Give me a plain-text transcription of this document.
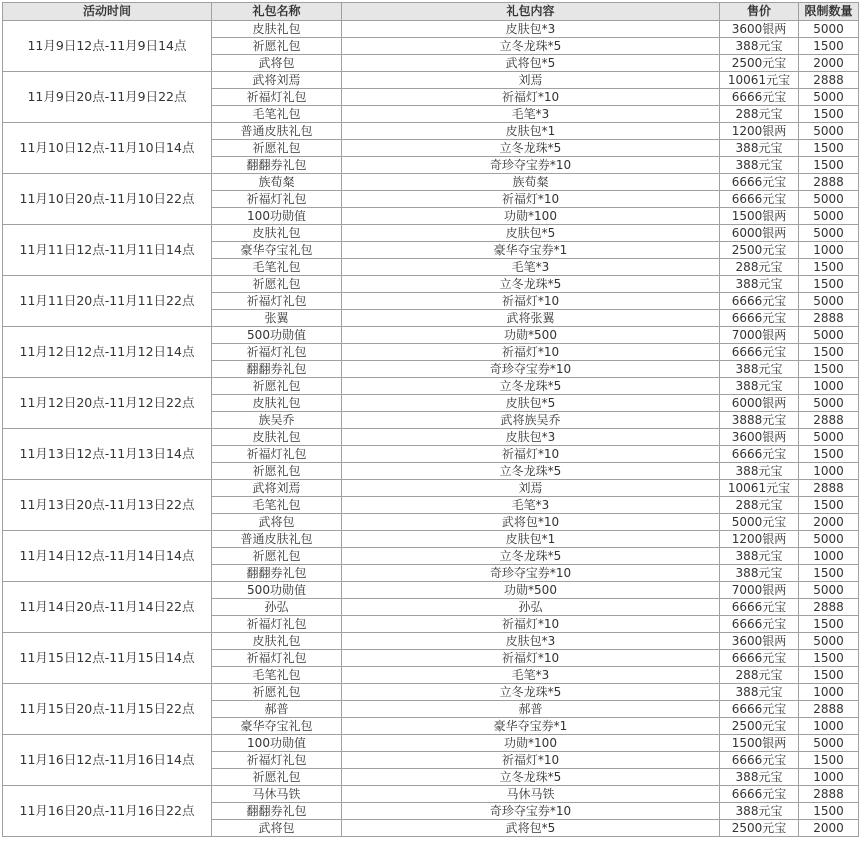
活动时间	礼包名称	礼包内容	售价	限制数量
11月9日12点-11月9日14点	皮肤礼包	皮肤包*3	3600银两	5000
	祈愿礼包	立冬龙珠*5	388元宝	1500
	武将包	武将包*5	2500元宝	2000
11月9日20点-11月9日22点	武将刘焉	刘焉	10061元宝	2888
	祈福灯礼包	祈福灯*10	6666元宝	5000
	毛笔礼包	毛笔*3	288元宝	1500
11月10日12点-11月10日14点	普通皮肤礼包	皮肤包*1	1200银两	5000
	祈愿礼包	立冬龙珠*5	388元宝	1500
	翻翻券礼包	奇珍夺宝券*10	388元宝	1500
11月10日20点-11月10日22点	族荀粲	族荀粲	6666元宝	2888
	祈福灯礼包	祈福灯*10	6666元宝	5000
	100功勋值	功勋*100	1500银两	5000
11月11日12点-11月11日14点	皮肤礼包	皮肤包*5	6000银两	5000
	豪华夺宝礼包	豪华夺宝券*1	2500元宝	1000
	毛笔礼包	毛笔*3	288元宝	1500
11月11日20点-11月11日22点	祈愿礼包	立冬龙珠*5	388元宝	1500
	祈福灯礼包	祈福灯*10	6666元宝	5000
	张翼	武将张翼	6666元宝	2888
11月12日12点-11月12日14点	500功勋值	功勋*500	7000银两	5000
	祈福灯礼包	祈福灯*10	6666元宝	1500
	翻翻券礼包	奇珍夺宝券*10	388元宝	1500
11月12日20点-11月12日22点	祈愿礼包	立冬龙珠*5	388元宝	1000
	皮肤礼包	皮肤包*5	6000银两	5000
	族吴乔	武将族吴乔	3888元宝	2888
11月13日12点-11月13日14点	皮肤礼包	皮肤包*3	3600银两	5000
	祈福灯礼包	祈福灯*10	6666元宝	1500
	祈愿礼包	立冬龙珠*5	388元宝	1000
11月13日20点-11月13日22点	武将刘焉	刘焉	10061元宝	2888
	毛笔礼包	毛笔*3	288元宝	1500
	武将包	武将包*10	5000元宝	2000
11月14日12点-11月14日14点	普通皮肤礼包	皮肤包*1	1200银两	5000
	祈愿礼包	立冬龙珠*5	388元宝	1000
	翻翻券礼包	奇珍夺宝券*10	388元宝	1500
11月14日20点-11月14日22点	500功勋值	功勋*500	7000银两	5000
	孙弘	孙弘	6666元宝	2888
	祈福灯礼包	祈福灯*10	6666元宝	1500
11月15日12点-11月15日14点	皮肤礼包	皮肤包*3	3600银两	5000
	祈福灯礼包	祈福灯*10	6666元宝	1500
	毛笔礼包	毛笔*3	288元宝	1500
11月15日20点-11月15日22点	祈愿礼包	立冬龙珠*5	388元宝	1000
	郝普	郝普	6666元宝	2888
	豪华夺宝礼包	豪华夺宝券*1	2500元宝	1000
11月16日12点-11月16日14点	100功勋值	功勋*100	1500银两	5000
	祈福灯礼包	祈福灯*10	6666元宝	1500
	祈愿礼包	立冬龙珠*5	388元宝	1000
11月16日20点-11月16日22点	马休马铁	马休马铁	6666元宝	2888
	翻翻券礼包	奇珍夺宝券*10	388元宝	1500
	武将包	武将包*5	2500元宝	2000
